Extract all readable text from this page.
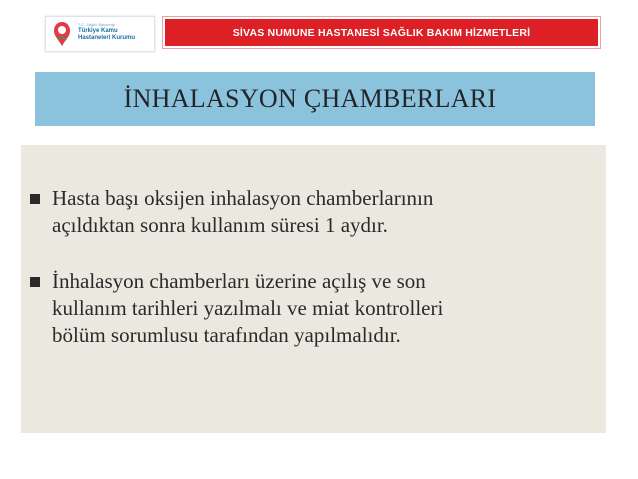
T.C. Sağlık Bakanlığı
Türkiye Kamu
Hastaneleri Kurumu	SİVAS NUMUNE HASTANESİ SAĞLIK BAKIM HİZMETLERİ
İNHALASYON ÇHAMBERLARI
Hasta başı oksijen inhalasyon chamberlarının
açıldıktan sonra kullanım süresi 1 aydır.
İnhalasyon chamberları üzerine açılış ve son
kullanım tarihleri yazılmalı ve miat kontrolleri
bölüm sorumlusu tarafından yapılmalıdır.
